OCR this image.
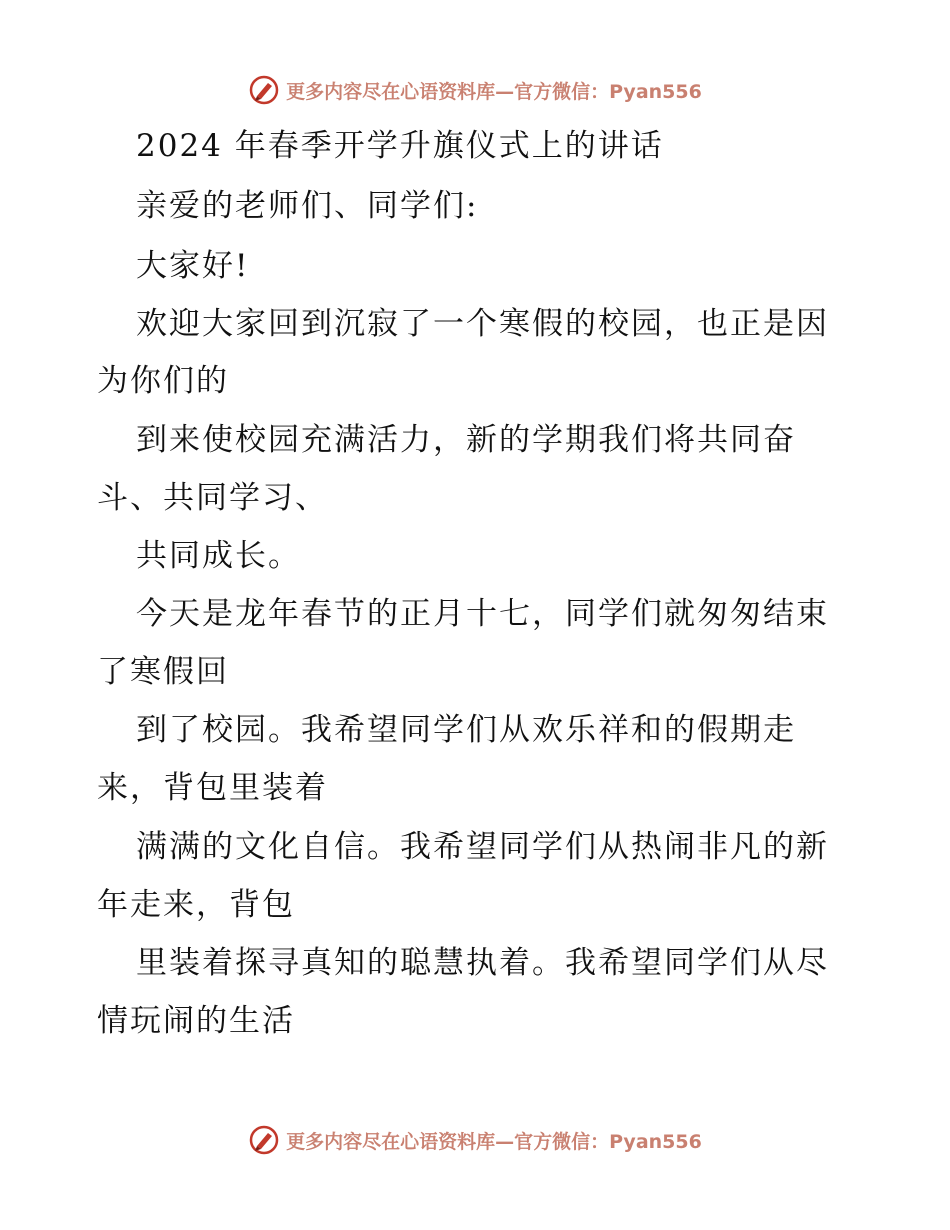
更多内容尽在心语资料库—官方微信：Pyan556
2024 年春季开学升旗仪式上的讲话
亲爱的老师们、同学们:
大家好!
欢迎大家回到沉寂了一个寒假的校园，也正是因
为你们的
到来使校园充满活力，新的学期我们将共同奋
斗、共同学习、
共同成长。
今天是龙年春节的正月十七，同学们就匆匆结束
了寒假回
到了校园。我希望同学们从欢乐祥和的假期走
来，背包里装着
满满的文化自信。我希望同学们从热闹非凡的新
年走来，背包
里装着探寻真知的聪慧执着。我希望同学们从尽
情玩闹的生活
更多内容尽在心语资料库—官方微信：Pyan556
